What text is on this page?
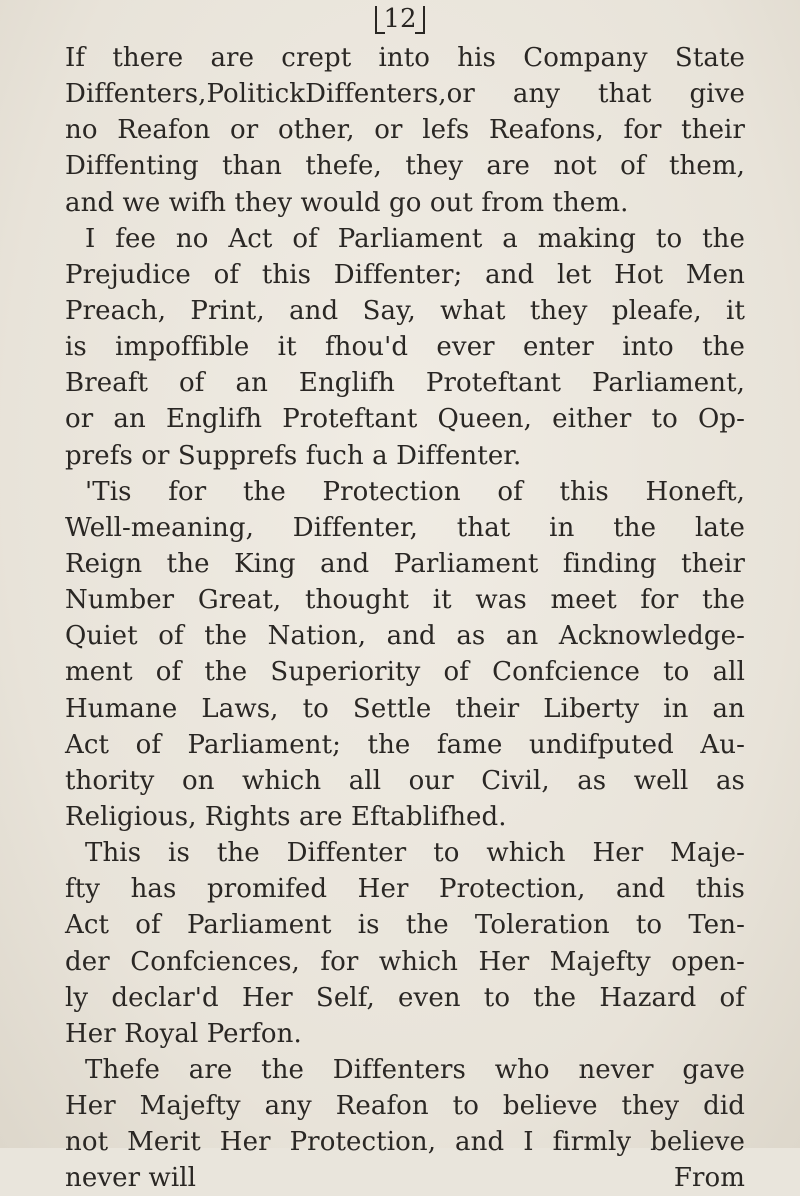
12
If there are crept into his Company State
Diffenters,PolitickDiffenters,or any that give
no Reafon or other, or lefs Reafons, for their
Diffenting than thefe, they are not of them,
and we wifh they would go out from them.
I fee no Act of Parliament a making to the
Prejudice of this Diffenter; and let Hot Men
Preach, Print, and Say, what they pleafe, it
is impoffible it fhou'd ever enter into the
Breaft of an Englifh Proteftant Parliament,
or an Englifh Proteftant Queen, either to Op-
prefs or Supprefs fuch a Diffenter.
'Tis for the Protection of this Honeft,
Well-meaning, Diffenter, that in the late
Reign the King and Parliament finding their
Number Great, thought it was meet for the
Quiet of the Nation, and as an Acknowledge-
ment of the Superiority of Confcience to all
Humane Laws, to Settle their Liberty in an
Act of Parliament; the fame undifputed Au-
thority on which all our Civil, as well as
Religious, Rights are Eftablifhed.
This is the Diffenter to which Her Maje-
fty has promifed Her Protection, and this
Act of Parliament is the Toleration to Ten-
der Confciences, for which Her Majefty open-
ly declar'd Her Self, even to the Hazard of
Her Royal Perfon.
Thefe are the Diffenters who never gave
Her Majefty any Reafon to believe they did
not Merit Her Protection, and I firmly believe
never will	From
